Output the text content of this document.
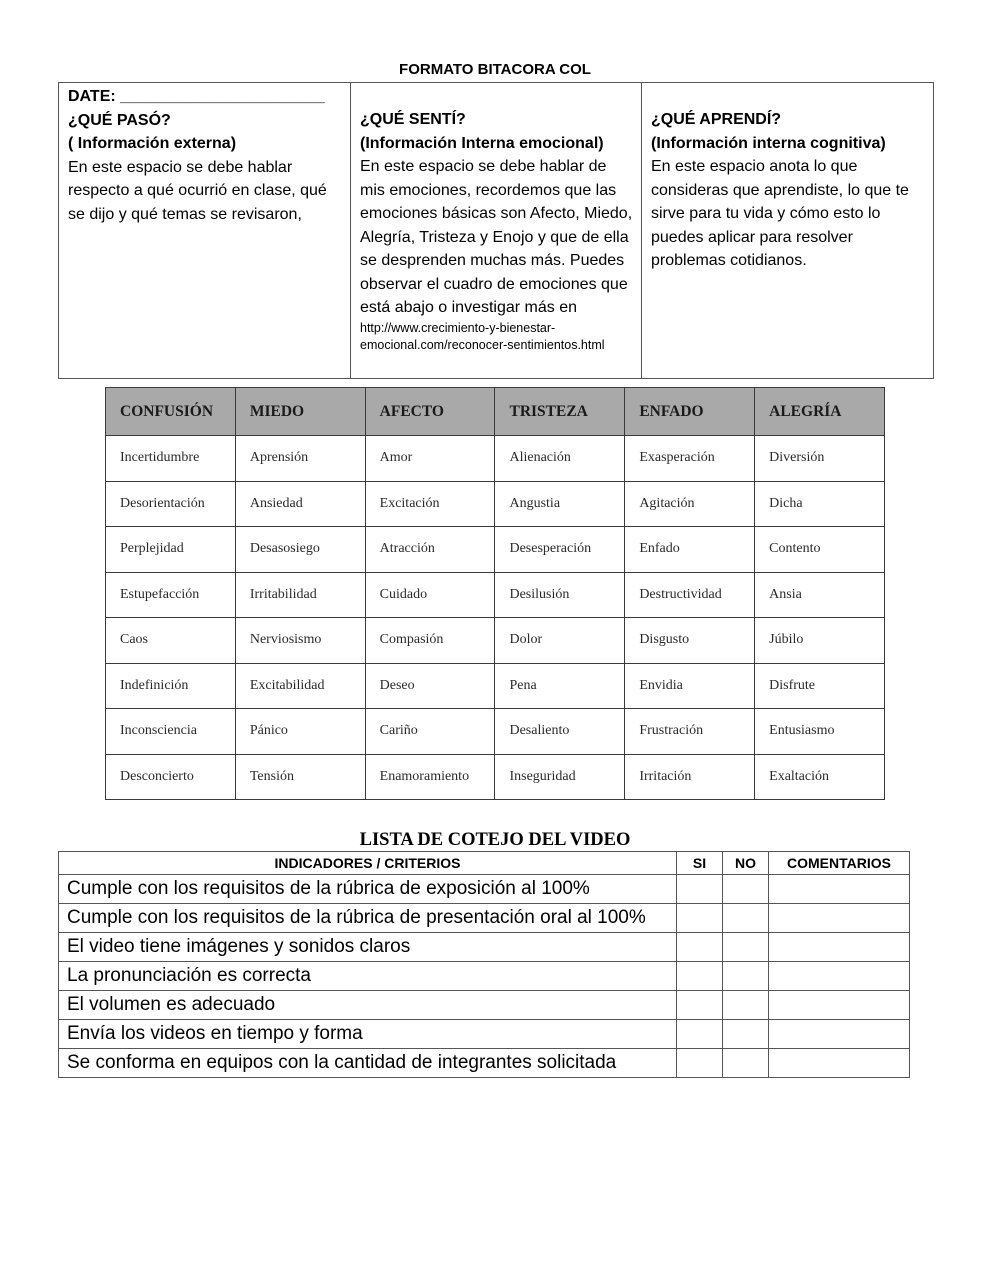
FORMATO BITACORA COL
DATE: _______________________
¿QUÉ PASÓ?
( Información externa)
En este espacio se debe hablar respecto a qué ocurrió en clase, qué se dijo y qué temas se revisaron,

¿QUÉ SENTÍ?
(Información Interna emocional)
En este espacio se debe hablar de mis emociones, recordemos que las emociones básicas son Afecto, Miedo, Alegría, Tristeza y Enojo y que de ella se desprenden muchas más. Puedes observar el cuadro de emociones que está abajo o investigar más en
http://www.crecimiento-y-bienestar-emocional.com/reconocer-sentimientos.html

¿QUÉ APRENDÍ?
(Información interna cognitiva)
En este espacio anota lo que consideras que aprendiste, lo que te sirve para tu vida y cómo esto lo puedes aplicar para resolver problemas cotidianos.
CONFUSIÓN	MIEDO	AFECTO	TRISTEZA	ENFADO	ALEGRÍA
Incertidumbre	Aprensión	Amor	Alienación	Exasperación	Diversión
Desorientación	Ansiedad	Excitación	Angustia	Agitación	Dicha
Perplejidad	Desasosiego	Atracción	Desesperación	Enfado	Contento
Estupefacción	Irritabilidad	Cuidado	Desilusión	Destructividad	Ansia
Caos	Nerviosismo	Compasión	Dolor	Disgusto	Júbilo
Indefinición	Excitabilidad	Deseo	Pena	Envidia	Disfrute
Inconsciencia	Pánico	Cariño	Desaliento	Frustración	Entusiasmo
Desconcierto	Tensión	Enamoramiento	Inseguridad	Irritación	Exaltación
LISTA DE COTEJO DEL VIDEO
INDICADORES / CRITERIOS	SI	NO	COMENTARIOS
Cumple con los requisitos de la rúbrica de exposición al 100%			
Cumple con los requisitos de la rúbrica de presentación oral al 100%			
El video tiene imágenes y sonidos claros			
La pronunciación es correcta			
El volumen es adecuado			
Envía los videos en tiempo y forma			
Se conforma en equipos con la cantidad de integrantes solicitada			
